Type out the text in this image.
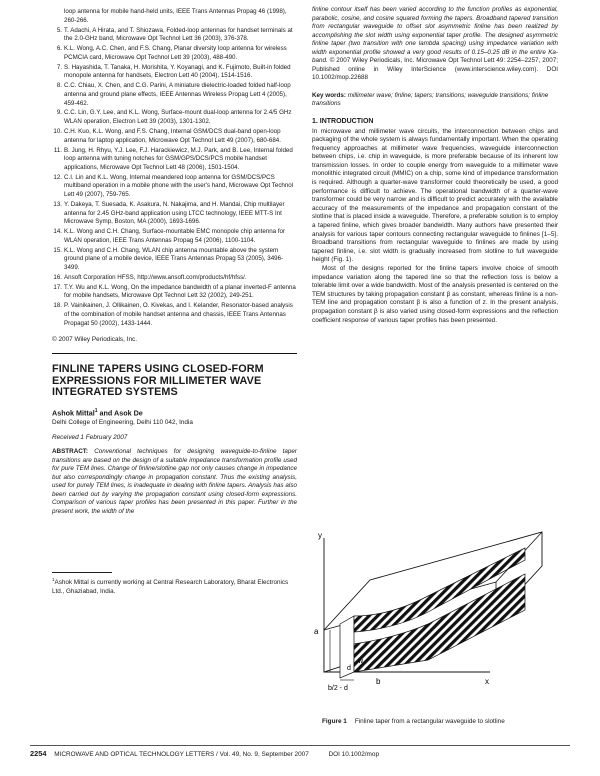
loop antenna for mobile hand-held units, IEEE Trans Antennas Propag 46 (1998), 260-266.
5. T. Adachi, A Hirata, and T. Shiozawa, Folded-loop antennas for handset terminals at the 2.0-GHz band, Microwave Opt Technol Lett 36 (2003), 376-378.
6. K.L. Wong, A.C. Chen, and F.S. Chang, Planar diversity loop antenna for wireless PCMCIA card, Microwave Opt Technol Lett 39 (2003), 488-490.
7. S. Hayashida, T. Tanaka, H. Morishita, Y. Koyanagi, and K. Fujimoto, Built-in folded monopole antenna for handsets, Electron Lett 40 (2004), 1514-1516.
8. C.C. Chiau, X. Chen, and C.G. Parini, A miniature dielectric-loaded folded half-loop antenna and ground plane effects, IEEE Antennas Wireless Propag Lett 4 (2005), 459-462.
9. C.C. Lin, G.Y. Lee, and K.L. Wong, Surface-mount dual-loop antenna for 2.4/5 GHz WLAN operation, Electron Lett 39 (2003), 1301-1302.
10. C.H. Kuo, K.L. Wong, and F.S. Chang, Internal GSM/DCS dual-band open-loop antenna for laptop application, Microwave Opt Technol Lett 49 (2007), 680-684.
11. B. Jung, H. Rhyu, Y.J. Lee, F.J. Harackiewicz, M.J. Park, and B. Lee, Internal folded loop antenna with tuning notches for GSM/GPS/DCS/PCS mobile handset applications, Microwave Opt Technol Lett 48 (2006), 1501-1504.
12. C.I. Lin and K.L. Wong, Internal meandered loop antenna for GSM/DCS/PCS multiband operation in a mobile phone with the user's hand, Microwave Opt Technol Lett 49 (2007), 759-765.
13. Y. Dakeya, T. Suesada, K. Asakura, N. Nakajima, and H. Mandai, Chip multilayer antenna for 2.45 GHz-band application using LTCC technology, IEEE MTT-S Int Microwave Symp, Boston, MA (2000), 1693-1696.
14. K.L. Wong and C.H. Chang, Surface-mountable EMC monopole chip antenna for WLAN operation, IEEE Trans Antennas Propag 54 (2006), 1100-1104.
15. K.L. Wong and C.H. Chang, WLAN chip antenna mountable above the system ground plane of a mobile device, IEEE Trans Antennas Propag 53 (2005), 3496-3499.
16. Ansoft Corporation HFSS, http://www.ansoft.com/products/hf/hfss/.
17. T.Y. Wu and K.L. Wong, On the impedance bandwidth of a planar inverted-F antenna for mobile handsets, Microwave Opt Technol Lett 32 (2002), 249-251.
18. P. Vainikainen, J. Ollikainen, O. Kivekas, and I. Kelander, Resonator-based analysis of the combination of mobile handset antenna and chassis, IEEE Trans Antennas Propagat 50 (2002), 1433-1444.
© 2007 Wiley Periodicals, Inc.
FINLINE TAPERS USING CLOSED-FORM EXPRESSIONS FOR MILLIMETER WAVE INTEGRATED SYSTEMS
Ashok Mittal$^1$ and Asok De
Delhi College of Engineering, Delhi 110 042, India
Received 1 February 2007
ABSTRACT: Conventional techniques for designing waveguide-to-finline taper transitions are based on the design of a suitable impedance transformation profile used for pure TEM lines. Change of finline/slotline gap not only causes change in impedance but also correspondingly change in propagation constant. Thus the existing analysis, used for purely TEM lines, is inadequate in dealing with finline tapers. Analysis has also been carried out by varying the propagation constant using closed-form expressions. Comparison of various taper profiles has been presented in this paper. Further in the present work, the width of the
$^1$Ashok Mittal is currently working at Central Research Laboratory, Bharat Electronics Ltd., Ghaziabad, India.
finline contour itself has been varied according to the function profiles as exponential, parabolic, cosine, and cosine squared forming the tapers. Broadband tapered transition from rectangular waveguide to offset slot asymmetric finline has been realized by accomplishing the slot width using exponential taper profile. The designed asymmetric finline taper (two transition with one lambda spacing) using impedance variation with width exponential profile showed a very good results of 0.15–0.25 dB in the entire Ka-band. © 2007 Wiley Periodicals, Inc. Microwave Opt Technol Lett 49: 2254–2257, 2007; Published online in Wiley InterScience (www.interscience.wiley.com). DOI 10.1002/mop.22688
Key words: millimeter wave; finline; tapers; transitions; waveguide transitions; finline transitions
1. INTRODUCTION

In microwave and millimeter wave circuits, the interconnection between chips and packaging of the whole system is always fundamentally important. When the operating frequency approaches at millimeter wave frequencies, waveguide interconnection between chips, i.e. chip in waveguide, is more preferable because of its inherent low transmission losses. In order to couple energy from waveguide to a millimeter wave monolithic integrated circuit (MMIC) on a chip, some kind of impedance transformation is required. Although a quarter-wave transformer could theoretically be used, a good performance is difficult to achieve. The operational bandwidth of a quarter-wave transformer could be very narrow and is difficult to predict accurately with the available accuracy of the measurements of the impedance and propagation constant of the slotline that is placed inside a waveguide. Therefore, a preferable solution is to employ a tapered finline, which gives broader bandwidth. Many authors have presented their analysis for various taper contours connecting rectangular waveguide to finlines [1–5]. Broadband transitions from rectangular waveguide to finlines are made by using tapered finline, i.e. slot width is gradually increased from slotline to full waveguide height (Fig. 1).

Most of the designs reported for the finline tapers involve choice of smooth impedance variation along the tapered line so that the reflection loss is below a tolerable limit over a wide bandwidth. Most of the analysis presented is centered on the TEM structures by taking propagation constant β as constant, whereas finline is a non-TEM line and propagation constant β is also a function of z. In the present analysis, propagation constant β is also varied using closed-form expressions and the reflection coefficient response of various taper profiles has been presented.

y
x
a
d
b/2 - d
b
w
Figure 1 Finline taper from a rectangular waveguide to slotline
2254 MICROWAVE AND OPTICAL TECHNOLOGY LETTERS / Vol. 49, No. 9, September 2007	DOI 10.1002/mop
